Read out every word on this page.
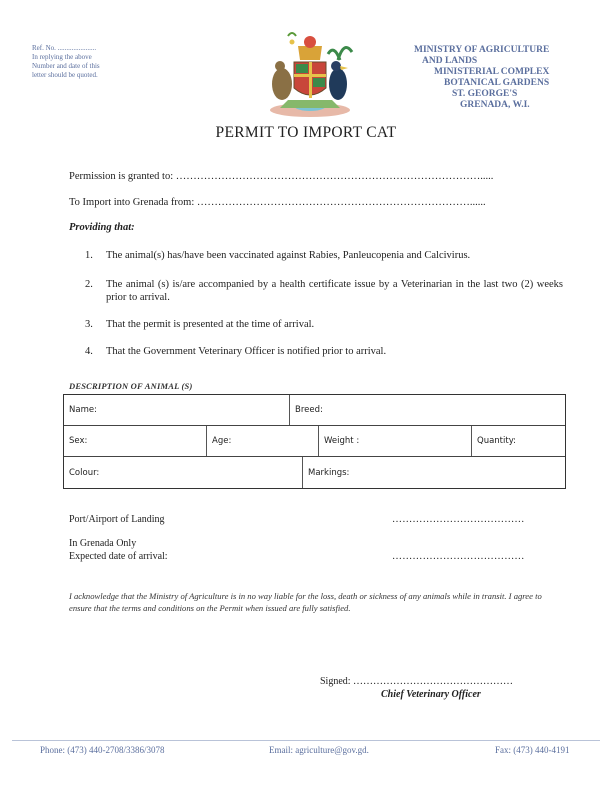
Ref. No. ......................
In replying the above Number and date of this letter should be quoted.
MINISTRY OF AGRICULTURE
AND LANDS
MINISTERIAL COMPLEX
BOTANICAL GARDENS
ST. GEORGE'S
GRENADA, W.I.
PERMIT TO IMPORT CAT
Permission is granted to: …………………………………………………………………………….....
To Import into Grenada from: ……………………………………………………………………......
Providing that:
1. The animal(s) has/have been vaccinated against Rabies, Panleucopenia and Calcivirus.
2. The animal (s) is/are accompanied by a health certificate issue by a Veterinarian in the last two (2) weeks prior to arrival.
3. That the permit is presented at the time of arrival.
4. That the Government Veterinary Officer is notified prior to arrival.
DESCRIPTION OF ANIMAL (S)
Name:	Breed:
Sex:	Age:	Weight :	Quantity:
Colour:	Markings:
Port/Airport of Landing	…………………………………
In Grenada Only
Expected date of arrival:	…………………………………
I acknowledge that the Ministry of Agriculture is in no way liable for the loss, death or sickness of any animals while in transit. I agree to ensure that the terms and conditions on the Permit when issued are fully satisfied.
Signed: …………………………………………
Chief Veterinary Officer
Phone: (473) 440-2708/3386/3078	Email: agriculture@gov.gd.	Fax: (473) 440-4191
